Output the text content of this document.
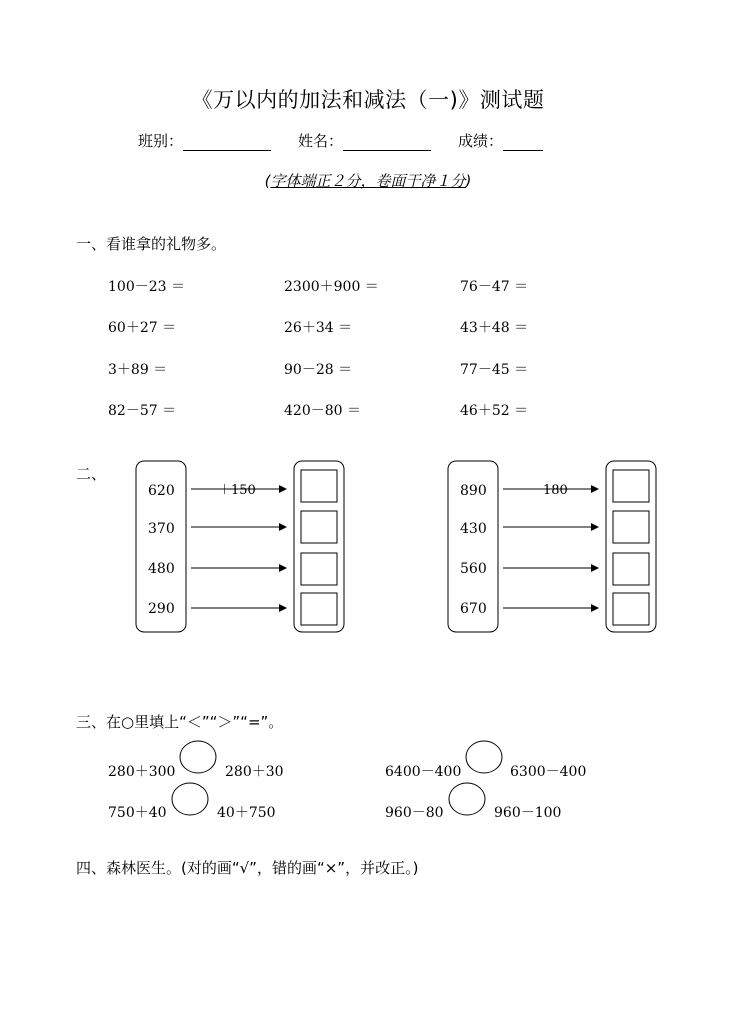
《万以内的加法和减法（一)》测试题
班别：	姓名：	成绩：
(字体端正２分，卷面干净１分)
一、看谁拿的礼物多。
100－23 ＝	2300＋900 ＝	76－47 ＝
60＋27 ＝	26＋34 ＝	43＋48 ＝
3＋89 ＝	90－28 ＝	77－45 ＝
82－57 ＝	420－80 ＝	46＋52 ＝
二、
620
370
480
290
＋150	890
430
560
670
－180
三、在○里填上“＜”“＞”“=”。
280＋300	280＋30	6400－400	6300－400
750＋40	40＋750	960－80	960－100
四、森林医生。(对的画“√”，错的画“×”，并改正。)
